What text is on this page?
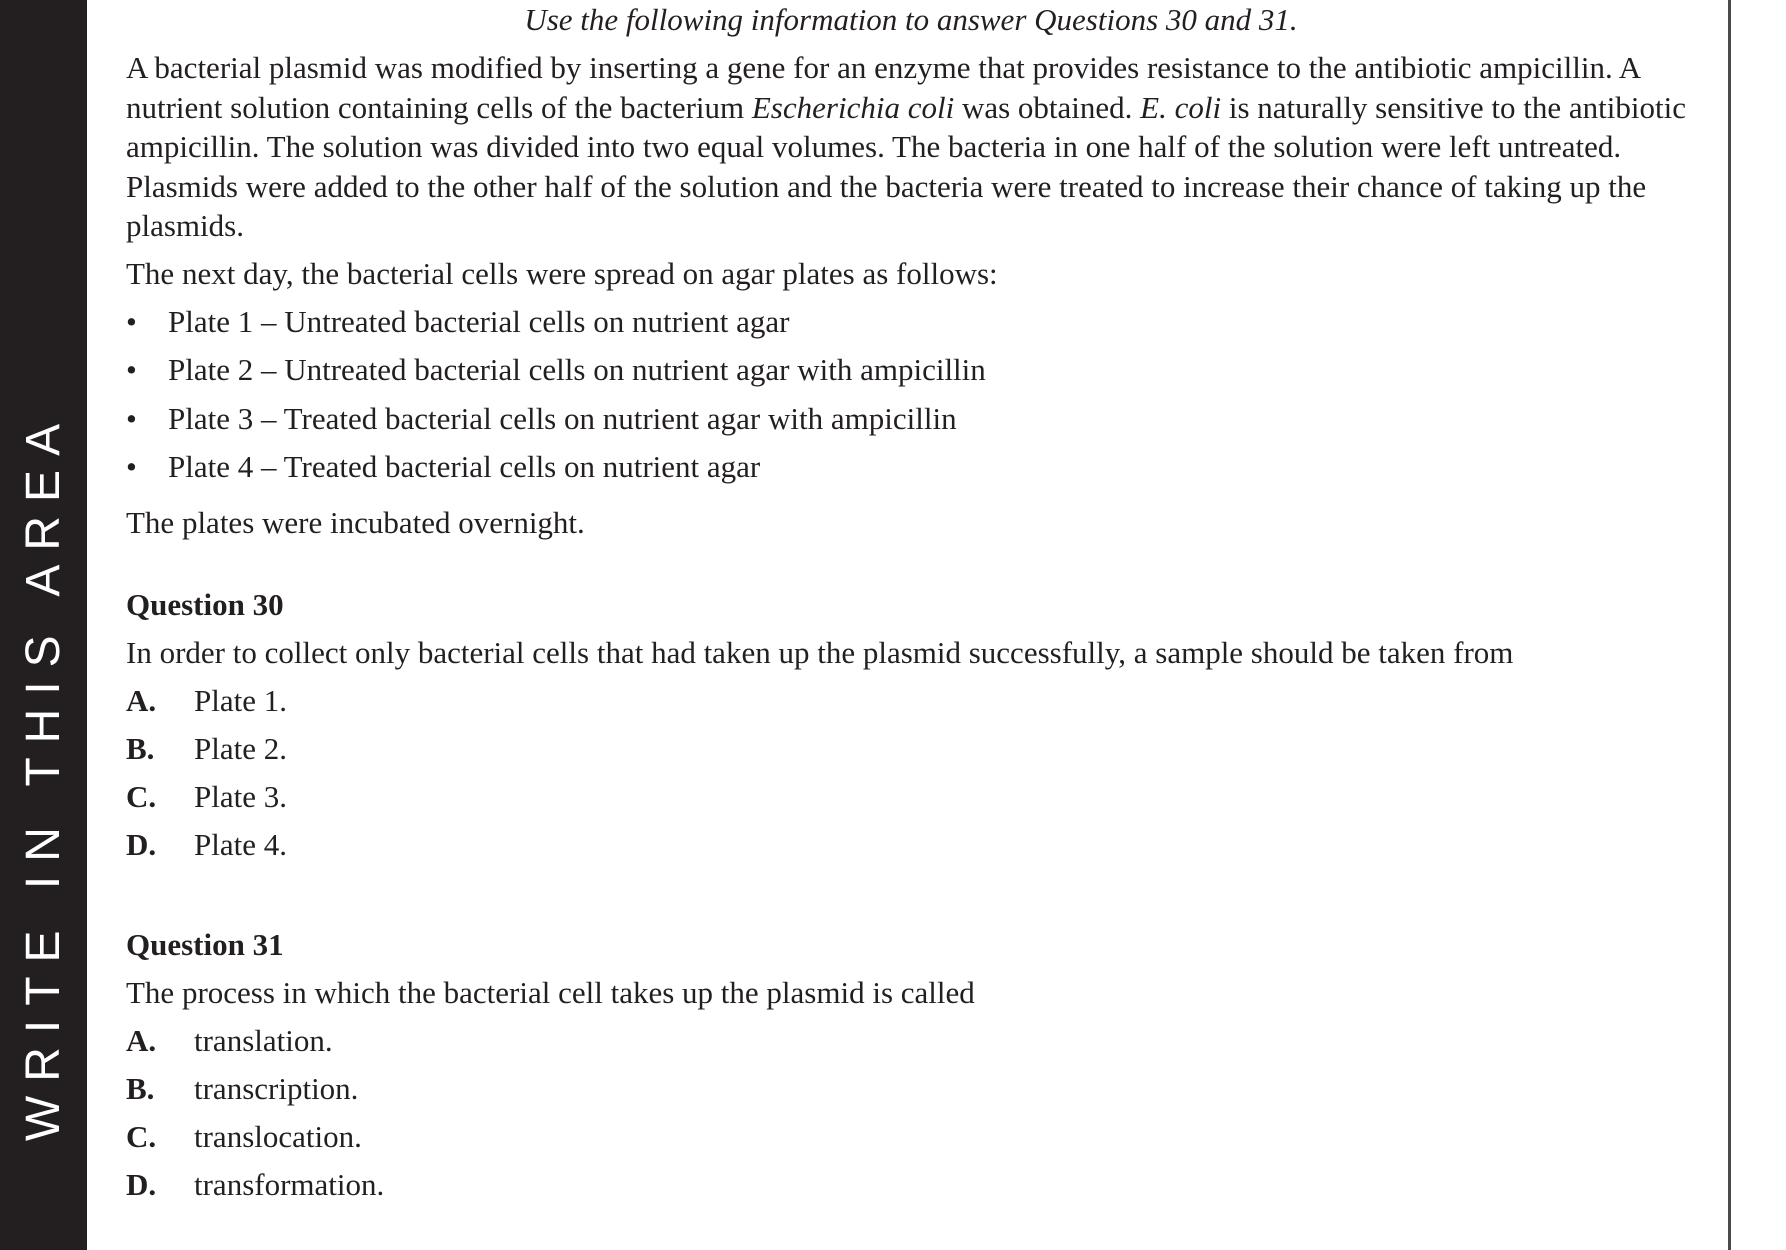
WRITE IN THIS AREA
Use the following information to answer Questions 30 and 31.
A bacterial plasmid was modified by inserting a gene for an enzyme that provides resistance to the antibiotic ampicillin. A nutrient solution containing cells of the bacterium Escherichia coli was obtained. E. coli is naturally sensitive to the antibiotic ampicillin. The solution was divided into two equal volumes. The bacteria in one half of the solution were left untreated. Plasmids were added to the other half of the solution and the bacteria were treated to increase their chance of taking up the plasmids.
The next day, the bacterial cells were spread on agar plates as follows:
• Plate 1 – Untreated bacterial cells on nutrient agar
• Plate 2 – Untreated bacterial cells on nutrient agar with ampicillin
• Plate 3 – Treated bacterial cells on nutrient agar with ampicillin
• Plate 4 – Treated bacterial cells on nutrient agar
The plates were incubated overnight.
Question 30
In order to collect only bacterial cells that had taken up the plasmid successfully, a sample should be taken from
A. Plate 1.
B. Plate 2.
C. Plate 3.
D. Plate 4.
Question 31
The process in which the bacterial cell takes up the plasmid is called
A. translation.
B. transcription.
C. translocation.
D. transformation.
